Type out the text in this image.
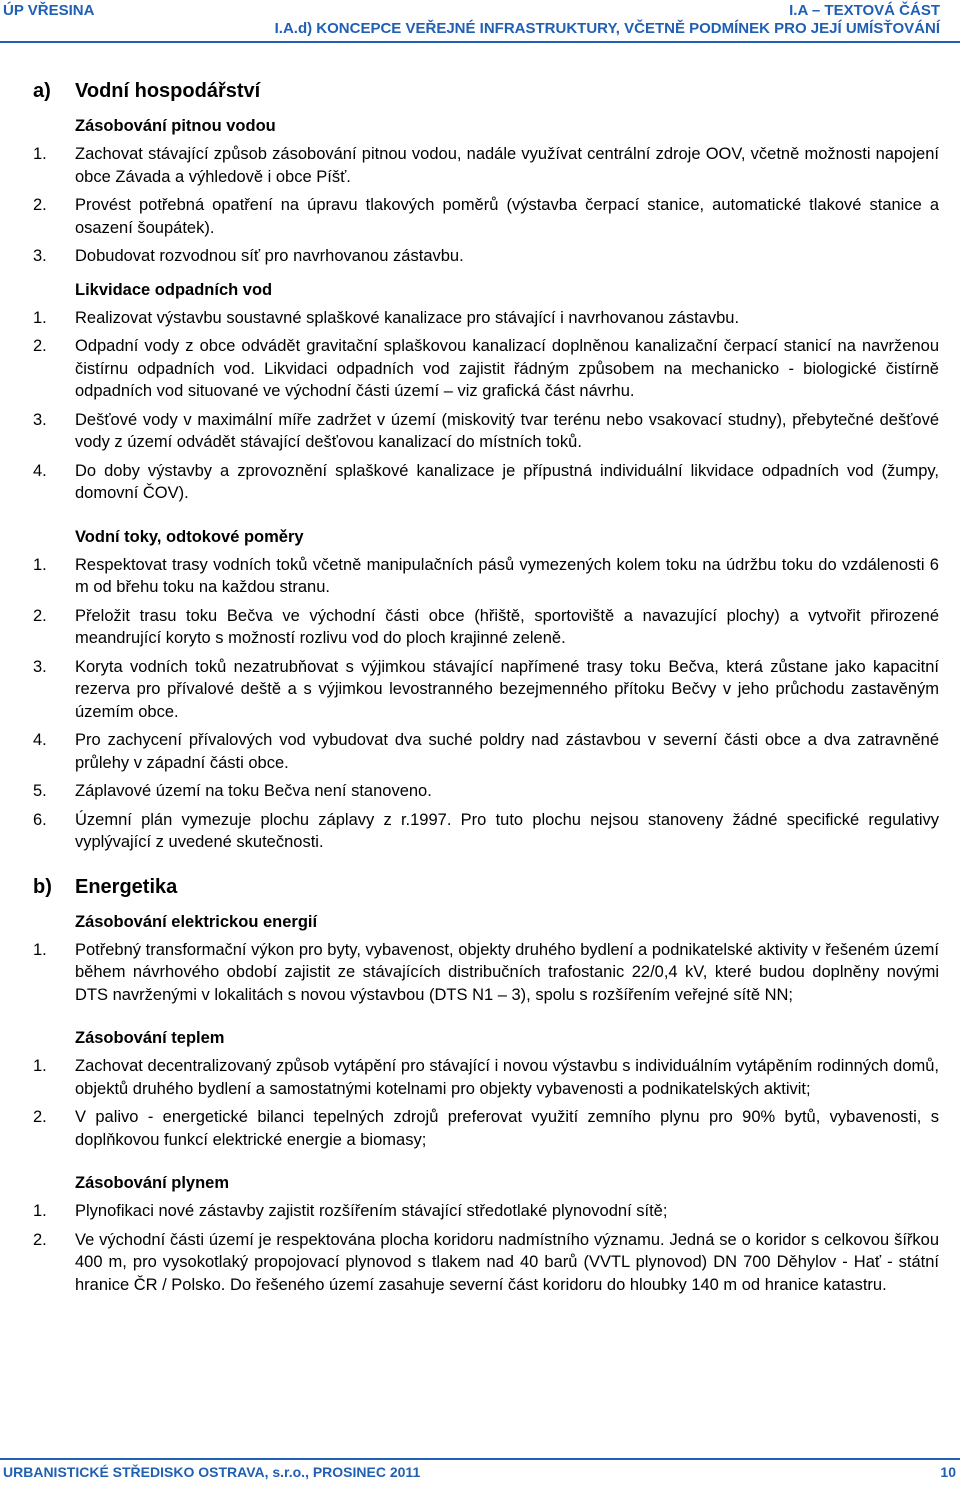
ÚP VŘESINA	I.A – TEXTOVÁ ČÁST
I.A.d) KONCEPCE VEŘEJNÉ INFRASTRUKTURY, VČETNĚ PODMÍNEK PRO JEJÍ UMÍSŤOVÁNÍ
a) Vodní hospodářství
Zásobování pitnou vodou
1. Zachovat stávající způsob zásobování pitnou vodou, nadále využívat centrální zdroje OOV, včetně možnosti napojení obce Závada a výhledově i obce Píšť.
2. Provést potřebná opatření na úpravu tlakových poměrů (výstavba čerpací stanice, automatické tlakové stanice a osazení šoupátek).
3. Dobudovat rozvodnou síť pro navrhovanou zástavbu.
Likvidace odpadních vod
1. Realizovat výstavbu soustavné splaškové kanalizace pro stávající i navrhovanou zástavbu.
2. Odpadní vody z obce odvádět gravitační splaškovou kanalizací doplněnou kanalizační čerpací stanicí na navrženou čistírnu odpadních vod. Likvidaci odpadních vod zajistit řádným způsobem na mechanicko - biologické čistírně odpadních vod situované ve východní části území – viz grafická část návrhu.
3. Dešťové vody v maximální míře zadržet v území (miskovitý tvar terénu nebo vsakovací studny), přebytečné dešťové vody z území odvádět stávající dešťovou kanalizací do místních toků.
4. Do doby výstavby a zprovoznění splaškové kanalizace je přípustná individuální likvidace odpadních vod (žumpy, domovní ČOV).
Vodní toky, odtokové poměry
1. Respektovat trasy vodních toků včetně manipulačních pásů vymezených kolem toku na údržbu toku do vzdálenosti 6 m od břehu toku na každou stranu.
2. Přeložit trasu toku Bečva ve východní části obce (hřiště, sportoviště a navazující plochy) a vytvořit přirozené meandrující koryto s možností rozlivu vod do ploch krajinné zeleně.
3. Koryta vodních toků nezatrubňovat s výjimkou stávající napřímené trasy toku Bečva, která zůstane jako kapacitní rezerva pro přívalové deště a s výjimkou levostranného bezejmenného přítoku Bečvy v jeho průchodu zastavěným územím obce.
4. Pro zachycení přívalových vod vybudovat dva suché poldry nad zástavbou v severní části obce a dva zatravněné průlehy v západní části obce.
5. Záplavové území na toku Bečva není stanoveno.
6. Územní plán vymezuje plochu záplavy z r.1997. Pro tuto plochu nejsou stanoveny žádné specifické regulativy vyplývající z uvedené skutečnosti.
b) Energetika
Zásobování elektrickou energií
1. Potřebný transformační výkon pro byty, vybavenost, objekty druhého bydlení a podnikatelské aktivity v řešeném území během návrhového období zajistit ze stávajících distribučních trafostanic 22/0,4 kV, které budou doplněny novými DTS navrženými v lokalitách s novou výstavbou (DTS N1 – 3), spolu s rozšířením veřejné sítě NN;
Zásobování teplem
1. Zachovat decentralizovaný způsob vytápění pro stávající i novou výstavbu s individuálním vytápěním rodinných domů, objektů druhého bydlení a samostatnými kotelnami pro objekty vybavenosti a podnikatelských aktivit;
2. V palivo - energetické bilanci tepelných zdrojů preferovat využití zemního plynu pro 90% bytů, vybavenosti, s doplňkovou funkcí elektrické energie a biomasy;
Zásobování plynem
1. Plynofikaci nové zástavby zajistit rozšířením stávající středotlaké plynovodní sítě;
2. Ve východní části území je respektována plocha koridoru nadmístního významu. Jedná se o koridor s celkovou šířkou 400 m, pro vysokotlaký propojovací plynovod s tlakem nad 40 barů (VVTL plynovod) DN 700 Děhylov - Hať - státní hranice ČR / Polsko. Do řešeného území zasahuje severní část koridoru do hloubky 140 m od hranice katastru.
URBANISTICKÉ STŘEDISKO OSTRAVA, s.r.o., PROSINEC 2011	10
